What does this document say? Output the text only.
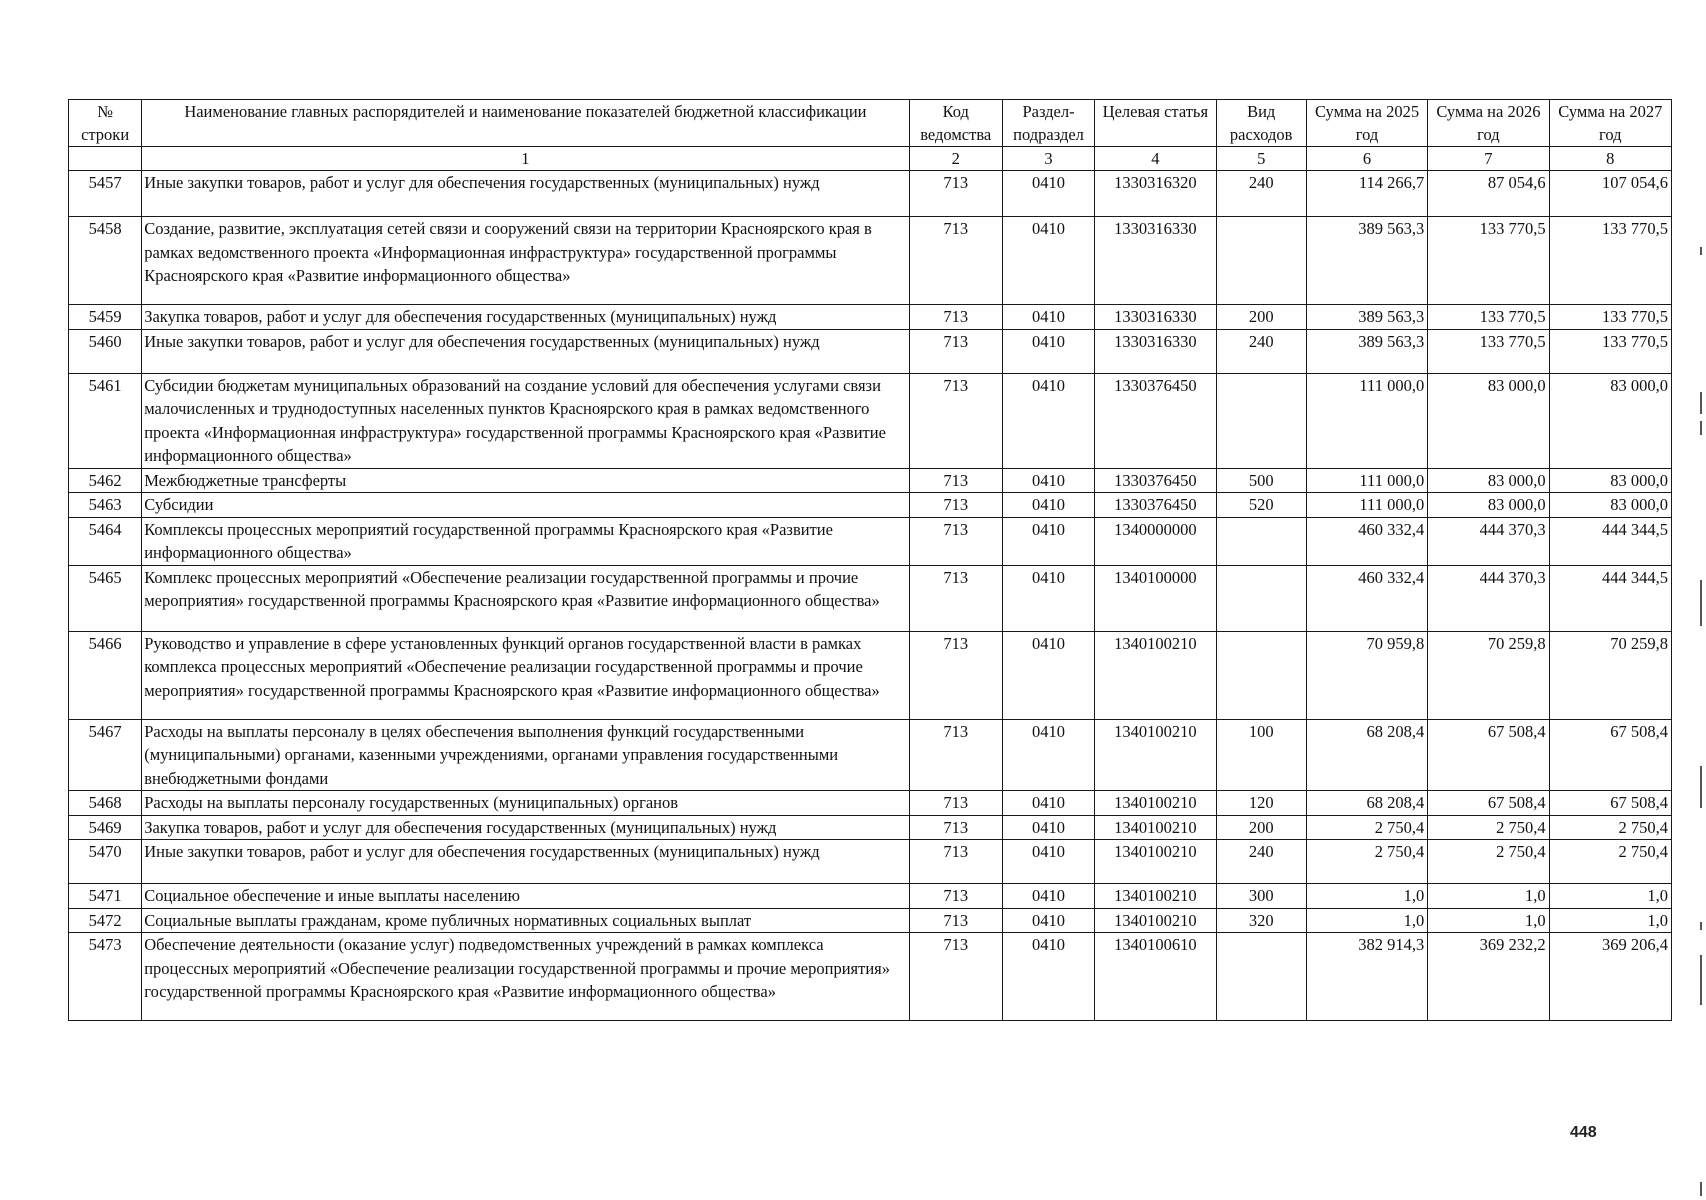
№ строки	Наименование главных распорядителей и наименование показателей бюджетной классификации	Код ведомства	Раздел-подраздел	Целевая статья	Вид расходов	Сумма на 2025 год	Сумма на 2026 год	Сумма на 2027 год
	1	2	3	4	5	6	7	8
5457	Иные закупки товаров, работ и услуг для обеспечения государственных (муниципальных) нужд	713	0410	1330316320	240	114 266,7	87 054,6	107 054,6
5458	Создание, развитие, эксплуатация сетей связи и сооружений связи на территории Красноярского края в рамках ведомственного проекта «Информационная инфраструктура» государственной программы Красноярского края «Развитие информационного общества»	713	0410	1330316330		389 563,3	133 770,5	133 770,5
5459	Закупка товаров, работ и услуг для обеспечения государственных (муниципальных) нужд	713	0410	1330316330	200	389 563,3	133 770,5	133 770,5
5460	Иные закупки товаров, работ и услуг для обеспечения государственных (муниципальных) нужд	713	0410	1330316330	240	389 563,3	133 770,5	133 770,5
5461	Субсидии бюджетам муниципальных образований на создание условий для обеспечения услугами связи малочисленных и труднодоступных населенных пунктов Красноярского края в рамках ведомственного проекта «Информационная инфраструктура» государственной программы Красноярского края «Развитие информационного общества»	713	0410	1330376450		111 000,0	83 000,0	83 000,0
5462	Межбюджетные трансферты	713	0410	1330376450	500	111 000,0	83 000,0	83 000,0
5463	Субсидии	713	0410	1330376450	520	111 000,0	83 000,0	83 000,0
5464	Комплексы процессных мероприятий государственной программы Красноярского края «Развитие информационного общества»	713	0410	1340000000		460 332,4	444 370,3	444 344,5
5465	Комплекс процессных мероприятий «Обеспечение реализации государственной программы и прочие мероприятия» государственной программы Красноярского края «Развитие информационного общества»	713	0410	1340100000		460 332,4	444 370,3	444 344,5
5466	Руководство и управление в сфере установленных функций органов государственной власти в рамках комплекса процессных мероприятий «Обеспечение реализации государственной программы и прочие мероприятия» государственной программы Красноярского края «Развитие информационного общества»	713	0410	1340100210		70 959,8	70 259,8	70 259,8
5467	Расходы на выплаты персоналу в целях обеспечения выполнения функций государственными (муниципальными) органами, казенными учреждениями, органами управления государственными внебюджетными фондами	713	0410	1340100210	100	68 208,4	67 508,4	67 508,4
5468	Расходы на выплаты персоналу государственных (муниципальных) органов	713	0410	1340100210	120	68 208,4	67 508,4	67 508,4
5469	Закупка товаров, работ и услуг для обеспечения государственных (муниципальных) нужд	713	0410	1340100210	200	2 750,4	2 750,4	2 750,4
5470	Иные закупки товаров, работ и услуг для обеспечения государственных (муниципальных) нужд	713	0410	1340100210	240	2 750,4	2 750,4	2 750,4
5471	Социальное обеспечение и иные выплаты населению	713	0410	1340100210	300	1,0	1,0	1,0
5472	Социальные выплаты гражданам, кроме публичных нормативных социальных выплат	713	0410	1340100210	320	1,0	1,0	1,0
5473	Обеспечение деятельности (оказание услуг) подведомственных учреждений в рамках комплекса процессных мероприятий «Обеспечение реализации государственной программы и прочие мероприятия» государственной программы Красноярского края «Развитие информационного общества»	713	0410	1340100610		382 914,3	369 232,2	369 206,4
448
